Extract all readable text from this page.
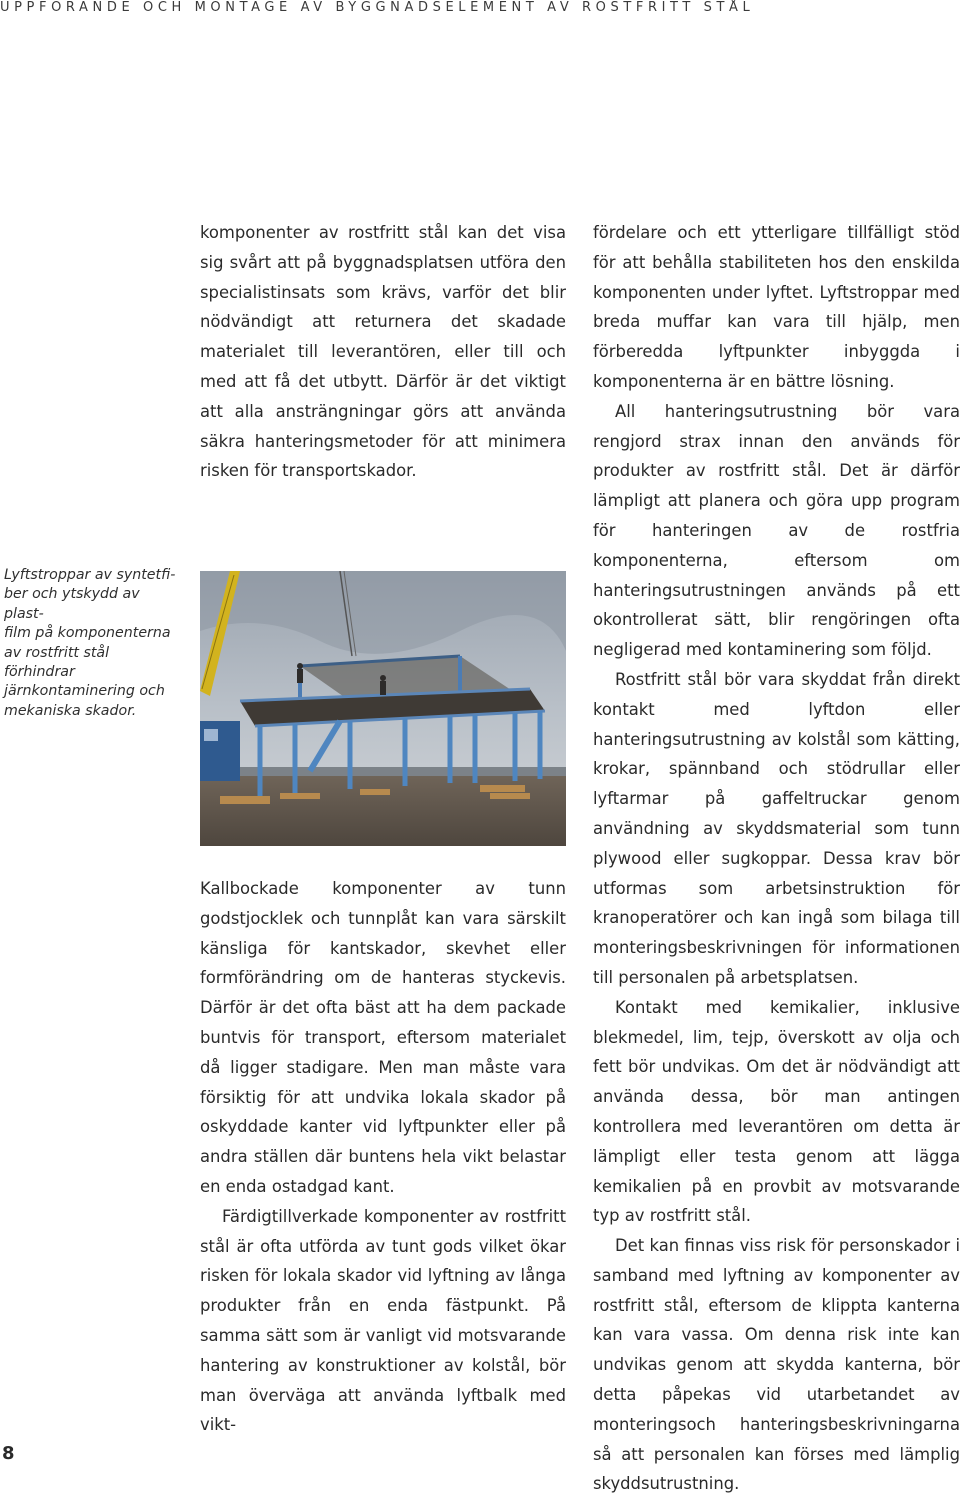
UPPFÖRANDE OCH MONTAGE AV BYGGNADSELEMENT AV ROSTFRITT STÅL

Lyftstroppar av syntetfi-

ber och ytskydd av plast-

film på komponenterna

av rostfritt stål förhindrar

järnkontaminering och

mekaniska skador.

komponenter av rostfritt stål kan det visa sig svårt att på byggnadsplatsen utföra den specialistinsats som krävs, varför det blir nödvändigt att returnera det skadade materialet till leverantören, eller till och med att få det utbytt. Därför är det viktigt att alla ansträngningar görs att använda säkra hanteringsmetoder för att minimera risken för transportskador.

Kallbockade komponenter av tunn godstjocklek och tunnplåt kan vara särskilt känsliga för kantskador, skevhet eller formförändring om de hanteras styckevis. Därför är det ofta bäst att ha dem packade buntvis för transport, eftersom materialet då ligger stadigare. Men man måste vara försiktig för att undvika lokala skador på oskyddade kanter vid lyftpunkter eller på andra ställen där buntens hela vikt belastar en enda ostadgad kant.

Färdigtillverkade komponenter av rostfritt stål är ofta utförda av tunt gods vilket ökar risken för lokala skador vid lyftning av långa produkter från en enda fästpunkt. På samma sätt som är vanligt vid motsvarande hantering av konstruktioner av kolstål, bör man överväga att använda lyftbalk med vikt-

fördelare och ett ytterligare tillfälligt stöd för att behålla stabiliteten hos den enskilda komponenten under lyftet. Lyftstroppar med breda muffar kan vara till hjälp, men förberedda lyftpunkter inbyggda i komponenterna är en bättre lösning.

All hanteringsutrustning bör vara rengjord strax innan den används för produkter av rostfritt stål. Det är därför lämpligt att planera och göra upp program för hanteringen av de rostfria komponenterna, eftersom om hanteringsutrustningen används på ett okontrollerat sätt, blir rengöringen ofta negligerad med kontaminering som följd.

Rostfritt stål bör vara skyddat från direkt kontakt med lyftdon eller hanteringsutrustning av kolstål som kätting, krokar, spännband och stödrullar eller lyftarmar på gaffeltruckar genom användning av skyddsmaterial som tunn plywood eller sugkoppar. Dessa krav bör utformas som arbetsinstruktion för kranoperatörer och kan ingå som bilaga till monteringsbeskrivningen för informationen till personalen på arbetsplatsen.

Kontakt med kemikalier, inklusive blekmedel, lim, tejp, överskott av olja och fett bör undvikas. Om det är nödvändigt att använda dessa, bör man antingen kontrollera med leverantören om detta är lämpligt eller testa genom att lägga kemikalien på en provbit av motsvarande typ av rostfritt stål.

Det kan finnas viss risk för personskador i samband med lyftning av komponenter av rostfritt stål, eftersom de klippta kanterna kan vara vassa. Om denna risk inte kan undvikas genom att skydda kanterna, bör detta påpekas vid utarbetandet av monteringsoch hanteringsbeskrivningarna så att personalen kan förses med lämplig skyddsutrustning.

8
